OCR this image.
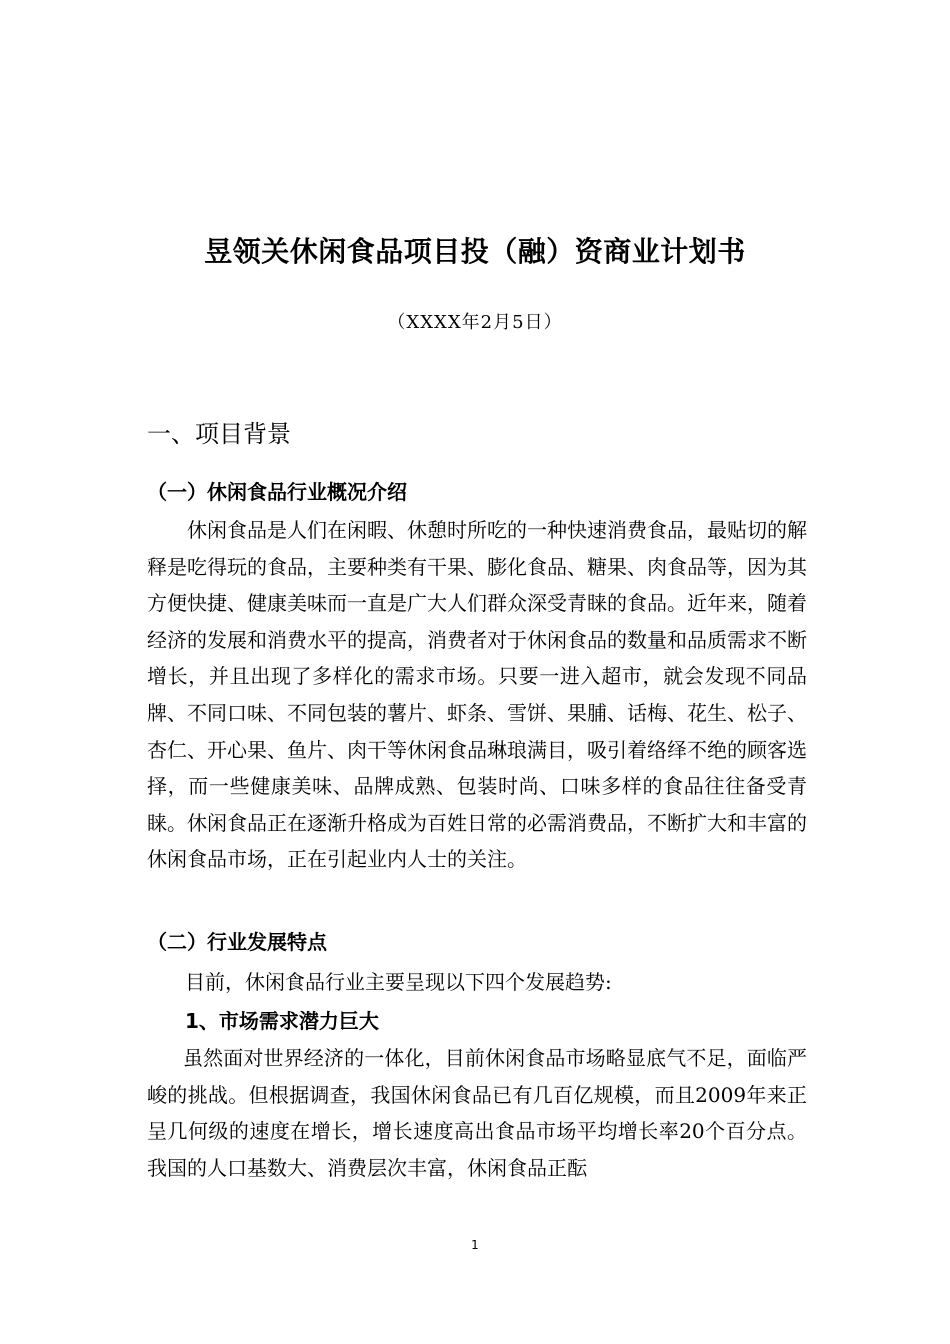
昱领关休闲食品项目投（融）资商业计划书
（XXXX年2月5日）
一、项目背景
（一）休闲食品行业概况介绍

休闲食品是人们在闲暇、休憩时所吃的一种快速消费食品，最贴切的解释是吃得玩的食品，主要种类有干果、膨化食品、糖果、肉食品等，因为其方便快捷、健康美味而一直是广大人们群众深受青睐的食品。近年来，随着经济的发展和消费水平的提高，消费者对于休闲食品的数量和品质需求不断增长，并且出现了多样化的需求市场。只要一进入超市，就会发现不同品牌、不同口味、不同包装的薯片、虾条、雪饼、果脯、话梅、花生、松子、杏仁、开心果、鱼片、肉干等休闲食品琳琅满目，吸引着络绎不绝的顾客选择，而一些健康美味、品牌成熟、包装时尚、口味多样的食品往往备受青睐。休闲食品正在逐渐升格成为百姓日常的必需消费品，不断扩大和丰富的休闲食品市场，正在引起业内人士的关注。

（二）行业发展特点
目前，休闲食品行业主要呈现以下四个发展趋势:
1、市场需求潜力巨大

虽然面对世界经济的一体化，目前休闲食品市场略显底气不足，面临严峻的挑战。但根据调查，我国休闲食品已有几百亿规模，而且2009年来正呈几何级的速度在增长，增长速度高出食品市场平均增长率20个百分点。我国的人口基数大、消费层次丰富，休闲食品正酝

1
